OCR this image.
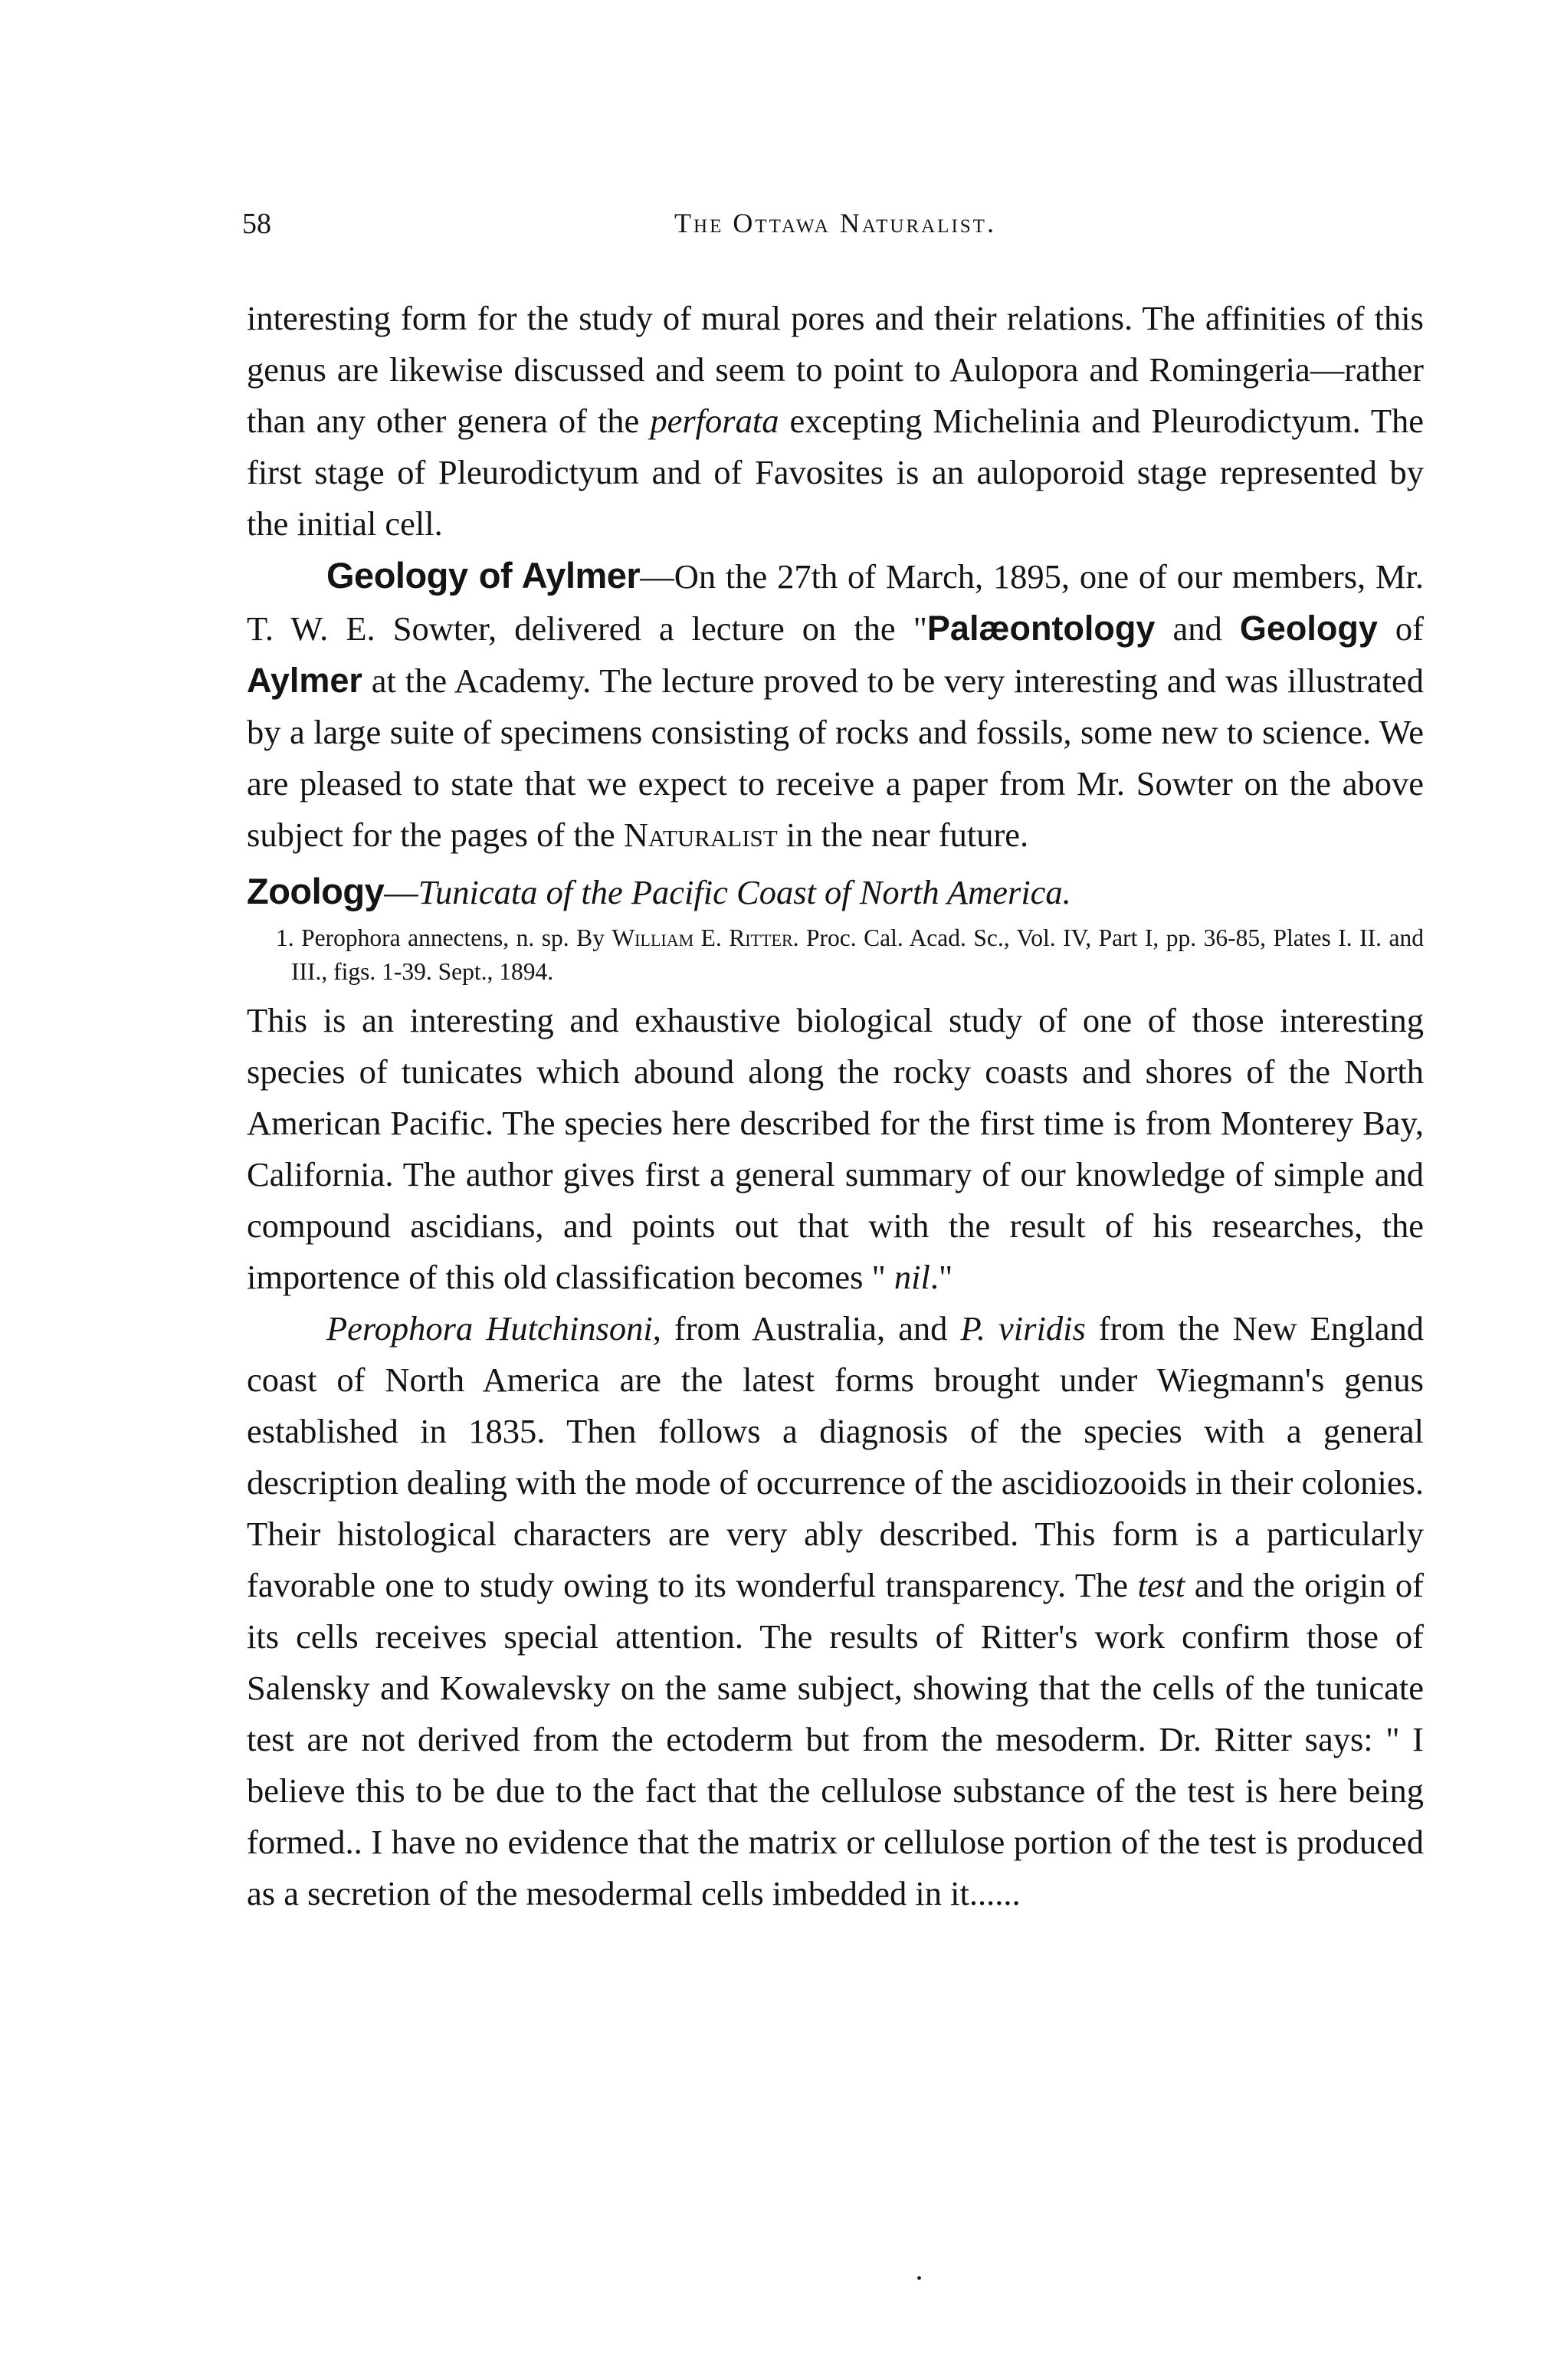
58	The Ottawa Naturalist.

interesting form for the study of mural pores and their relations. The affinities of this genus are likewise discussed and seem to point to Aulopora and Romingeria—rather than any other genera of the perforata excepting Michelinia and Pleurodictyum. The first stage of Pleurodictyum and of Favosites is an auloporoid stage represented by the initial cell.

Geology of Aylmer—On the 27th of March, 1895, one of our members, Mr. T. W. E. Sowter, delivered a lecture on the "Palæontology and Geology of Aylmer at the Academy. The lecture proved to be very interesting and was illustrated by a large suite of specimens consisting of rocks and fossils, some new to science. We are pleased to state that we expect to receive a paper from Mr. Sowter on the above subject for the pages of the Naturalist in the near future.

Zoology—Tunicata of the Pacific Coast of North America.

1. Perophora annectens, n. sp. By William E. Ritter. Proc. Cal. Acad. Sc., Vol. IV, Part I, pp. 36-85, Plates I. II. and III., figs. 1-39. Sept., 1894.

This is an interesting and exhaustive biological study of one of those interesting species of tunicates which abound along the rocky coasts and shores of the North American Pacific. The species here described for the first time is from Monterey Bay, California. The author gives first a general summary of our knowledge of simple and compound ascidians, and points out that with the result of his researches, the importence of this old classification becomes " nil."

Perophora Hutchinsoni, from Australia, and P. viridis from the New England coast of North America are the latest forms brought under Wiegmann's genus established in 1835. Then follows a diagnosis of the species with a general description dealing with the mode of occurrence of the ascidiozooids in their colonies. Their histological characters are very ably described. This form is a particularly favorable one to study owing to its wonderful transparency. The test and the origin of its cells receives special attention. The results of Ritter's work confirm those of Salensky and Kowalevsky on the same subject, showing that the cells of the tunicate test are not derived from the ectoderm but from the mesoderm. Dr. Ritter says: " I believe this to be due to the fact that the cellulose substance of the test is here being formed.. I have no evidence that the matrix or cellulose portion of the test is produced as a secretion of the mesodermal cells imbedded in it......

•
